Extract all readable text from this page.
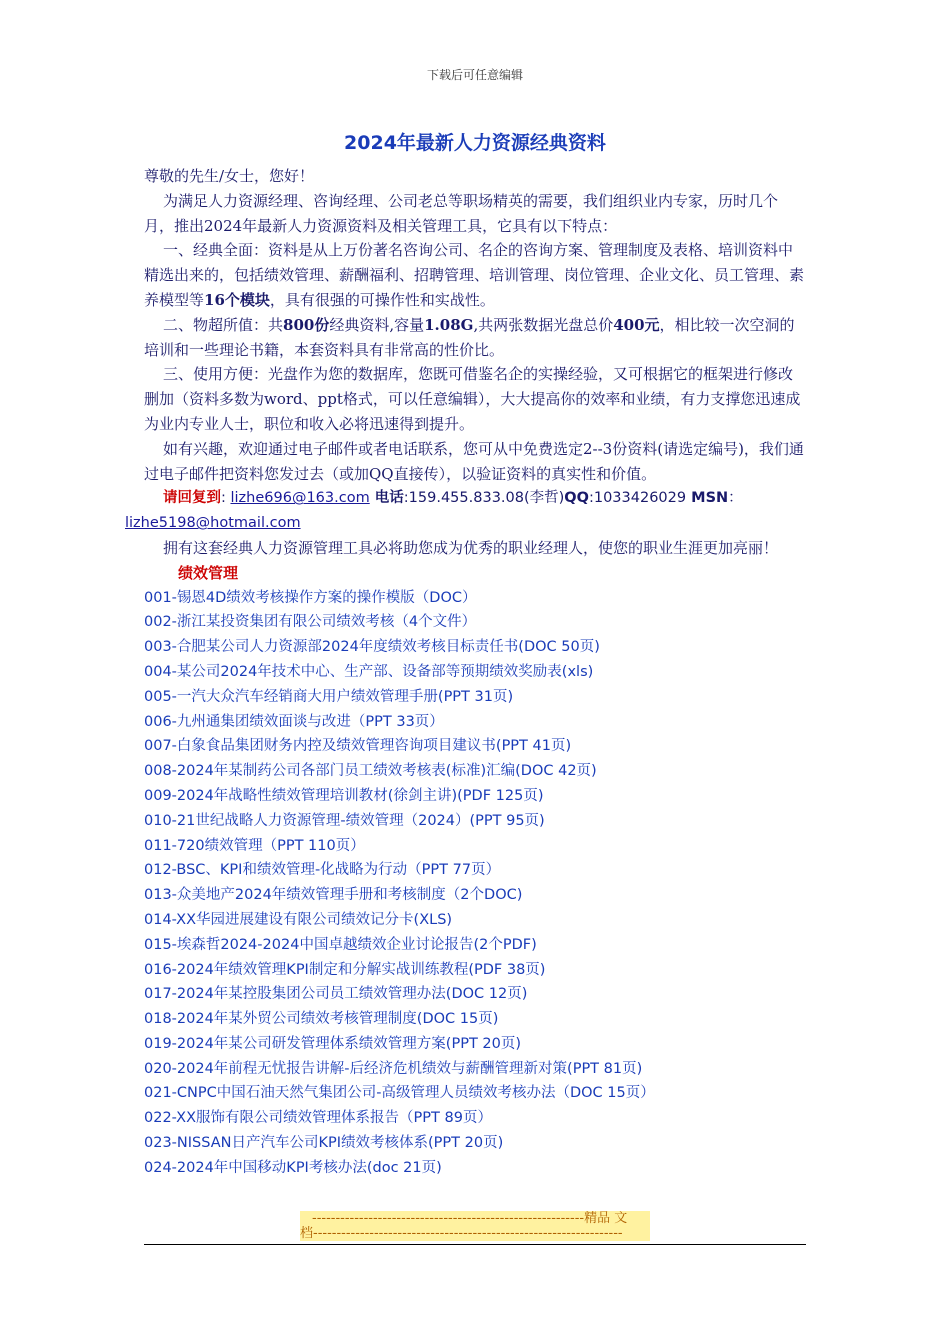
下载后可任意编辑
2024年最新人力资源经典资料

尊敬的先生/女士，您好！

为满足人力资源经理、咨询经理、公司老总等职场精英的需要，我们组织业内专家，历时几个月，推出2024年最新人力资源资料及相关管理工具，它具有以下特点：

一、经典全面：资料是从上万份著名咨询公司、名企的咨询方案、管理制度及表格、培训资料中精选出来的，包括绩效管理、薪酬福利、招聘管理、培训管理、岗位管理、企业文化、员工管理、素养模型等16个模块，具有很强的可操作性和实战性。

二、物超所值：共800份经典资料,容量1.08G,共两张数据光盘总价400元，相比较一次空洞的培训和一些理论书籍，本套资料具有非常高的性价比。

三、使用方便：光盘作为您的数据库，您既可借鉴名企的实操经验，又可根据它的框架进行修改删加（资料多数为word、ppt格式，可以任意编辑），大大提高你的效率和业绩，有力支撑您迅速成为业内专业人士，职位和收入必将迅速得到提升。

如有兴趣，欢迎通过电子邮件或者电话联系，您可从中免费选定2--3份资料(请选定编号)，我们通过电子邮件把资料您发过去（或加QQ直接传），以验证资料的真实性和价值。

请回复到: lizhe696@163.com 电话:159.455.833.08(李哲)QQ:1033426029 MSN：
lizhe5198@hotmail.com

拥有这套经典人力资源管理工具必将助您成为优秀的职业经理人，使您的职业生涯更加亮丽！

绩效管理

001-锡恩4D绩效考核操作方案的操作模版（DOC）
002-浙江某投资集团有限公司绩效考核（4个文件）
003-合肥某公司人力资源部2024年度绩效考核目标责任书(DOC 50页)
004-某公司2024年技术中心、生产部、设备部等预期绩效奖励表(xls)
005-一汽大众汽车经销商大用户绩效管理手册(PPT 31页)
006-九州通集团绩效面谈与改进（PPT 33页）
007-白象食品集团财务内控及绩效管理咨询项目建议书(PPT 41页)
008-2024年某制药公司各部门员工绩效考核表(标准)汇编(DOC 42页)
009-2024年战略性绩效管理培训教材(徐剑主讲)(PDF 125页)
010-21世纪战略人力资源管理-绩效管理（2024）(PPT 95页)
011-720绩效管理（PPT 110页）
012-BSC、KPI和绩效管理-化战略为行动（PPT 77页）
013-众美地产2024年绩效管理手册和考核制度（2个DOC)
014-XX华园进展建设有限公司绩效记分卡(XLS)
015-埃森哲2024-2024中国卓越绩效企业讨论报告(2个PDF)
016-2024年绩效管理KPI制定和分解实战训练教程(PDF 38页)
017-2024年某控股集团公司员工绩效管理办法(DOC 12页)
018-2024年某外贸公司绩效考核管理制度(DOC 15页)
019-2024年某公司研发管理体系绩效管理方案(PPT 20页)
020-2024年前程无忧报告讲解-后经济危机绩效与薪酬管理新对策(PPT 81页)
021-CNPC中国石油天然气集团公司-高级管理人员绩效考核办法（DOC 15页）
022-XX服饰有限公司绩效管理体系报告（PPT 89页）
023-NISSAN日产汽车公司KPI绩效考核体系(PPT 20页)
024-2024年中国移动KPI考核办法(doc 21页)
----------------------------------------------------------精品 文
档------------------------------------------------------------------
